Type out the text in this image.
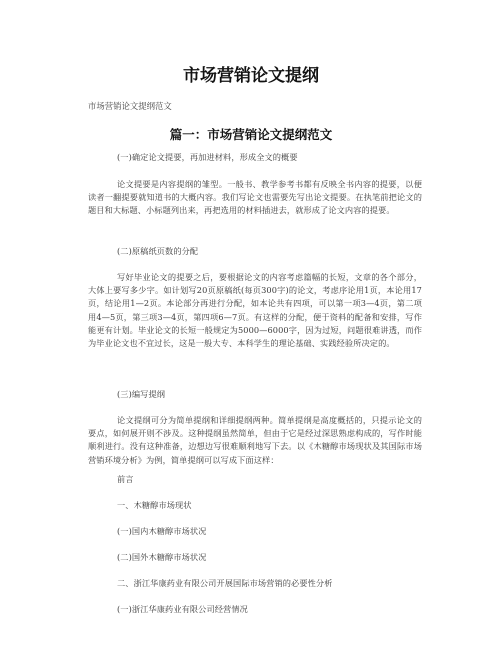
市场营销论文提纲
市场营销论文提纲范文
篇一：市场营销论文提纲范文

(一)确定论文提要，再加进材料，形成全文的概要

论文提要是内容提纲的雏型。一般书、教学参考书都有反映全书内容的提要，以便读者一翻提要就知道书的大概内容。我们写论文也需要先写出论文提要。在执笔前把论文的题目和大标题、小标题列出来，再把选用的材料插进去，就形成了论文内容的提要。

(二)原稿纸页数的分配

写好毕业论文的提要之后，要根据论文的内容考虑篇幅的长短，文章的各个部分，大体上要写多少字。如计划写20页原稿纸(每页300字)的论文，考虑序论用1页，本论用17页，结论用1—2页。本论部分再进行分配，如本论共有四项，可以第一项3—4页，第二项用4—5页，第三项3—4页，第四项6—7页。有这样的分配，便于资料的配备和安排，写作能更有计划。毕业论文的长短一般规定为5000—6000字，因为过短，问题很难讲透，而作为毕业论文也不宜过长，这是一般大专、本科学生的理论基础、实践经验所决定的。

(三)编写提纲

论文提纲可分为简单提纲和详细提纲两种。简单提纲是高度概括的，只提示论文的要点，如何展开则不涉及。这种提纲虽然简单，但由于它是经过深思熟虑构成的，写作时能顺利进行。没有这种准备，边想边写很难顺利地写下去。以《木糖醇市场现状及其国际市场营销环境分析》为例，简单提纲可以写成下面这样：

前言

一、木糖醇市场现状

(一)国内木糖醇市场状况

(二)国外木糖醇市场状况

二、浙江华康药业有限公司开展国际市场营销的必要性分析

(一)浙江华康药业有限公司经营情况
